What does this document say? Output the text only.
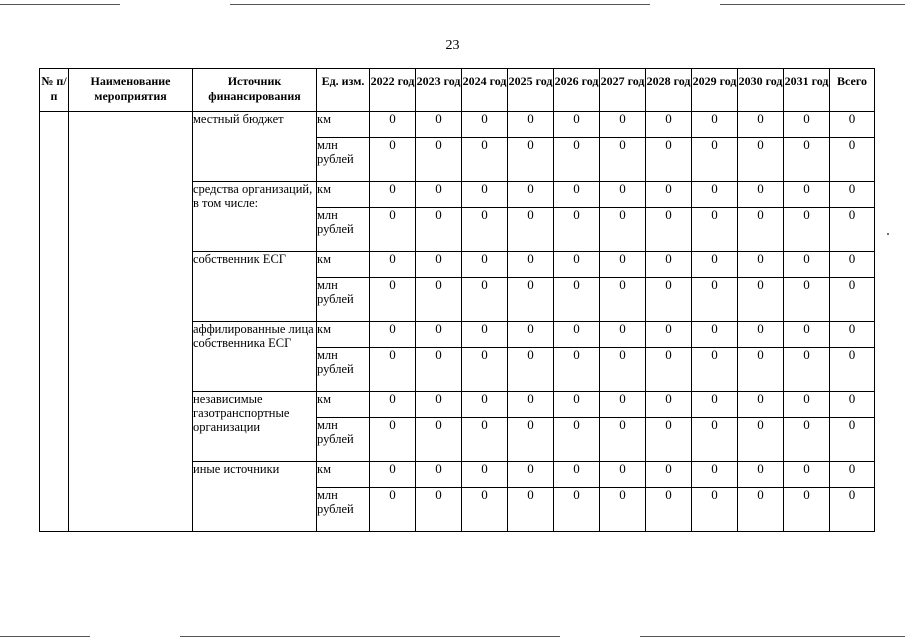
23
№ п/п	Наименование мероприятия	Источник финансирования	Ед. изм.	2022 год	2023 год	2024 год	2025 год	2026 год	2027 год	2028 год	2029 год	2030 год	2031 год	Всего
		местный бюджет	км	0	0	0	0	0	0	0	0	0	0	0
			млн рублей	0	0	0	0	0	0	0	0	0	0	0
		средства организаций, в том числе:	км	0	0	0	0	0	0	0	0	0	0	0
			млн рублей	0	0	0	0	0	0	0	0	0	0	0
		собственник ЕСГ	км	0	0	0	0	0	0	0	0	0	0	0
			млн рублей	0	0	0	0	0	0	0	0	0	0	0
		аффилированные лица собственника ЕСГ	км	0	0	0	0	0	0	0	0	0	0	0
			млн рублей	0	0	0	0	0	0	0	0	0	0	0
		независимые газотранспортные организации	км	0	0	0	0	0	0	0	0	0	0	0
			млн рублей	0	0	0	0	0	0	0	0	0	0	0
		иные источники	км	0	0	0	0	0	0	0	0	0	0	0
			млн рублей	0	0	0	0	0	0	0	0	0	0	0
